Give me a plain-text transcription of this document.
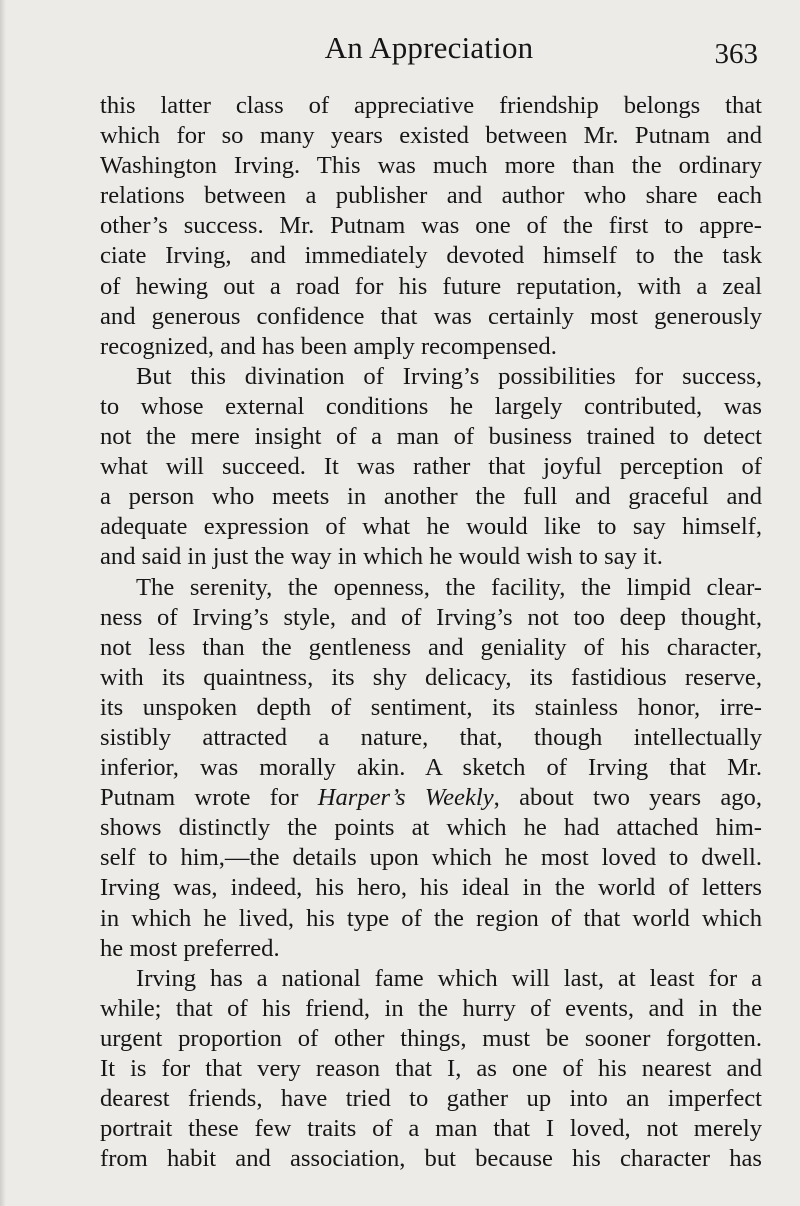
An Appreciation	363
this latter class of appreciative friendship belongs that
which for so many years existed between Mr. Putnam and
Washington Irving. This was much more than the ordinary
relations between a publisher and author who share each
other’s success. Mr. Putnam was one of the first to appre-
ciate Irving, and immediately devoted himself to the task
of hewing out a road for his future reputation, with a zeal
and generous confidence that was certainly most generously
recognized, and has been amply recompensed.
But this divination of Irving’s possibilities for success,
to whose external conditions he largely contributed, was
not the mere insight of a man of business trained to detect
what will succeed. It was rather that joyful perception of
a person who meets in another the full and graceful and
adequate expression of what he would like to say himself,
and said in just the way in which he would wish to say it.
The serenity, the openness, the facility, the limpid clear-
ness of Irving’s style, and of Irving’s not too deep thought,
not less than the gentleness and geniality of his character,
with its quaintness, its shy delicacy, its fastidious reserve,
its unspoken depth of sentiment, its stainless honor, irre-
sistibly attracted a nature, that, though intellectually
inferior, was morally akin. A sketch of Irving that Mr.
Putnam wrote for Harper’s Weekly, about two years ago,
shows distinctly the points at which he had attached him-
self to him,—the details upon which he most loved to dwell.
Irving was, indeed, his hero, his ideal in the world of letters
in which he lived, his type of the region of that world which
he most preferred.
Irving has a national fame which will last, at least for a
while; that of his friend, in the hurry of events, and in the
urgent proportion of other things, must be sooner forgotten.
It is for that very reason that I, as one of his nearest and
dearest friends, have tried to gather up into an imperfect
portrait these few traits of a man that I loved, not merely
from habit and association, but because his character has
